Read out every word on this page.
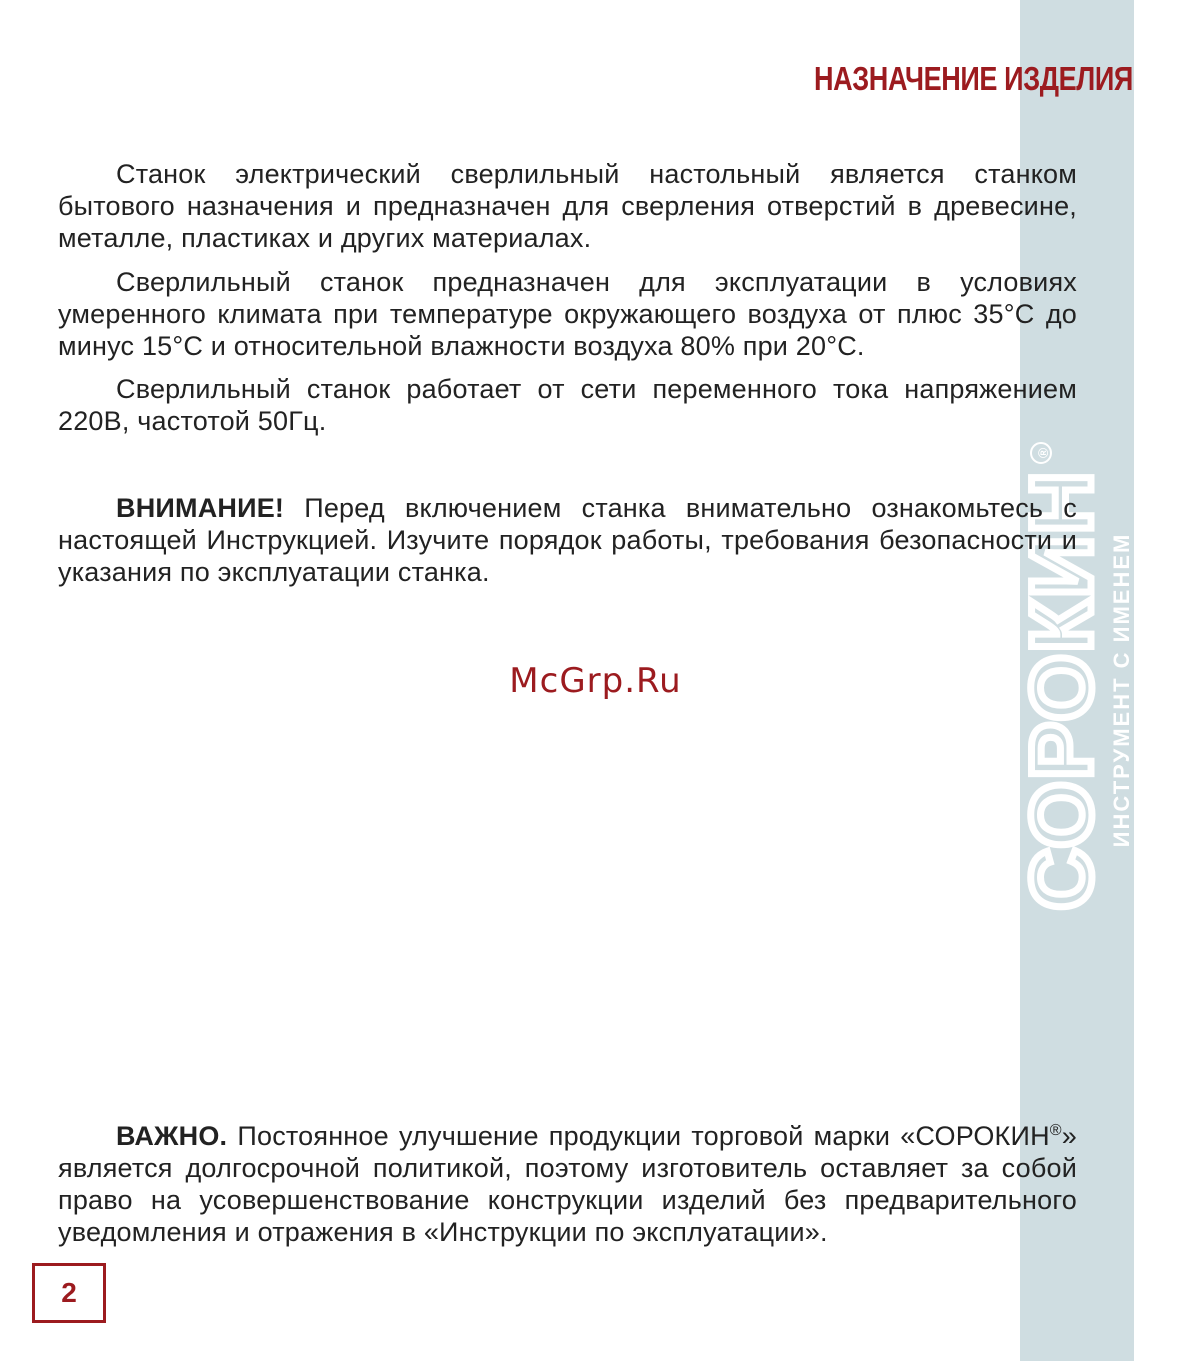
ИНСТРУМЕНТ С ИМЕНЕМ
®
НАЗНАЧЕНИЕ ИЗДЕЛИЯ

Станок электрический сверлильный настольный является станком бытового назначения и предназначен для сверления отверстий в древесине, металле, пластиках и других материалах.

Сверлильный станок предназначен для эксплуатации в условиях умеренного климата при температуре окружающего воздуха от плюс 35°С до минус 15°С и относительной влажности воздуха 80% при 20°С.

Сверлильный станок работает от сети переменного тока напряжением 220В, частотой 50Гц.

ВНИМАНИЕ! Перед включением станка внимательно ознакомьтесь с настоящей Инструкцией. Изучите порядок работы, требования безопасности и указания по эксплуатации станка.

McGrp.Ru

ВАЖНО. Постоянное улучшение продукции торговой марки «СОРОКИН®» является долгосрочной политикой, поэтому изготовитель оставляет за собой право на усовершенствование конструкции изделий без предварительного уведомления и отражения в «Инструкции по эксплуатации».

2
